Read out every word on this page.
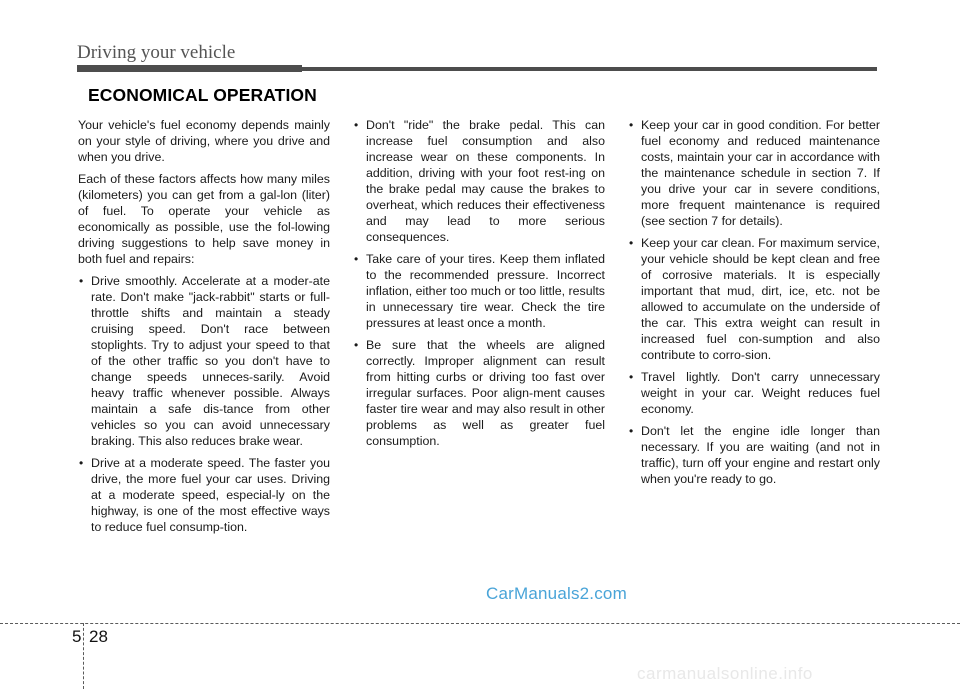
Driving your vehicle
ECONOMICAL OPERATION

Your vehicle's fuel economy depends mainly on your style of driving, where you drive and when you drive.

Each of these factors affects how many miles (kilometers) you can get from a gal-lon (liter) of fuel. To operate your vehicle as economically as possible, use the fol-lowing driving suggestions to help save money in both fuel and repairs:

• Drive smoothly. Accelerate at a moder-ate rate. Don't make "jack-rabbit" starts or full-throttle shifts and maintain a steady cruising speed. Don't race between stoplights. Try to adjust your speed to that of the other traffic so you don't have to change speeds unneces-sarily. Avoid heavy traffic whenever possible. Always maintain a safe dis-tance from other vehicles so you can avoid unnecessary braking. This also reduces brake wear.
• Drive at a moderate speed. The faster you drive, the more fuel your car uses. Driving at a moderate speed, especial-ly on the highway, is one of the most effective ways to reduce fuel consump-tion.
• Don't "ride" the brake pedal. This can increase fuel consumption and also increase wear on these components. In addition, driving with your foot rest-ing on the brake pedal may cause the brakes to overheat, which reduces their effectiveness and may lead to more serious consequences.
• Take care of your tires. Keep them inflated to the recommended pressure. Incorrect inflation, either too much or too little, results in unnecessary tire wear. Check the tire pressures at least once a month.
• Be sure that the wheels are aligned correctly. Improper alignment can result from hitting curbs or driving too fast over irregular surfaces. Poor align-ment causes faster tire wear and may also result in other problems as well as greater fuel consumption.
• Keep your car in good condition. For better fuel economy and reduced maintenance costs, maintain your car in accordance with the maintenance schedule in section 7. If you drive your car in severe conditions, more frequent maintenance is required (see section 7 for details).
• Keep your car clean. For maximum service, your vehicle should be kept clean and free of corrosive materials. It is especially important that mud, dirt, ice, etc. not be allowed to accumulate on the underside of the car. This extra weight can result in increased fuel con-sumption and also contribute to corro-sion.
• Travel lightly. Don't carry unnecessary weight in your car. Weight reduces fuel economy.
• Don't let the engine idle longer than necessary. If you are waiting (and not in traffic), turn off your engine and restart only when you're ready to go.
CarManuals2.com
5 28
carmanualsonline.info
